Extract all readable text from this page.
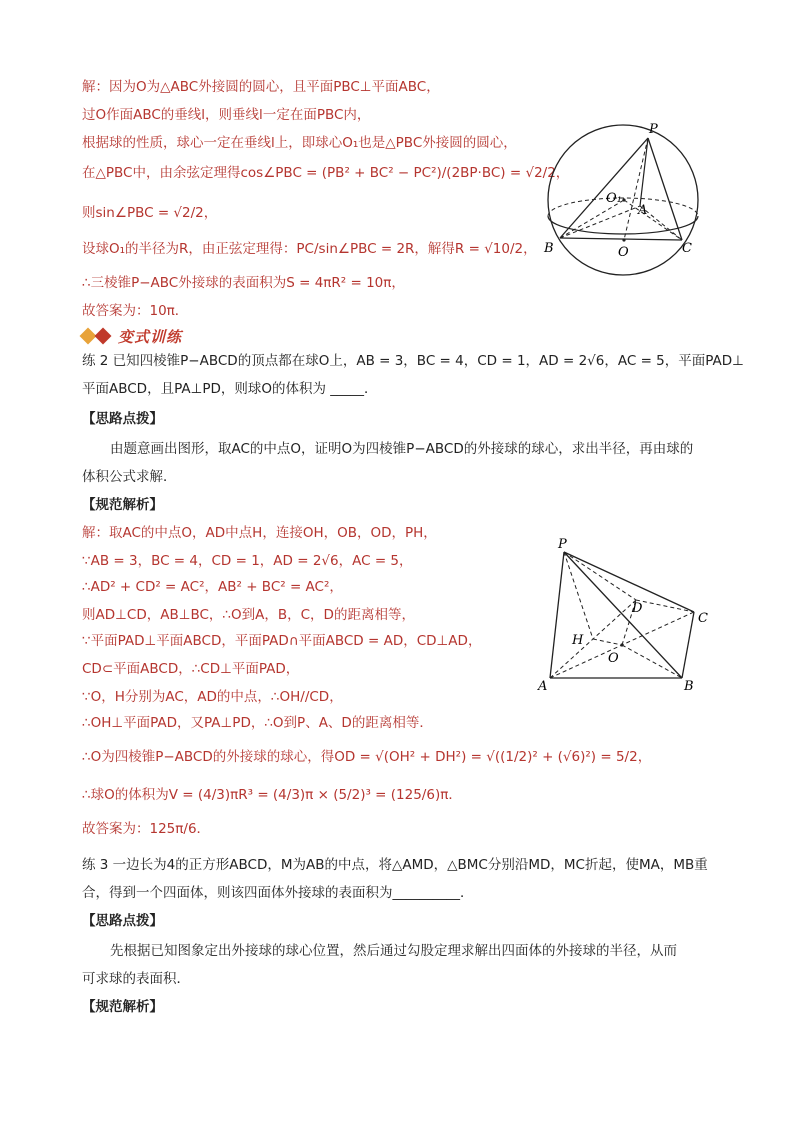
解：因为O为△ABC外接圆的圆心，且平面PBC⊥平面ABC，
过O作面ABC的垂线l，则垂线l一定在面PBC内，
根据球的性质，球心一定在垂线l上，即球心O₁也是△PBC外接圆的圆心，
在△PBC中，由余弦定理得cos∠PBC = (PB² + BC² − PC²)/(2BP·BC) = √2/2，
则sin∠PBC = √2/2，
设球O₁的半径为R，由正弦定理得：PC/sin∠PBC = 2R，解得R = √10/2，
∴三棱锥P−ABC外接球的表面积为S = 4πR² = 10π，
故答案为：10π．
P
O₁
A
B	O	C
变式训练
练 2 已知四棱锥P−ABCD的顶点都在球O上，AB = 3，BC = 4，CD = 1，AD = 2√6，AC = 5，平面PAD⊥
平面ABCD，且PA⊥PD，则球O的体积为 _____．
【思路点拨】
由题意画出图形，取AC的中点O，证明O为四棱锥P−ABCD的外接球的球心，求出半径，再由球的
体积公式求解．
【规范解析】
解：取AC的中点O，AD中点H，连接OH，OB，OD，PH，
∵AB = 3，BC = 4，CD = 1，AD = 2√6，AC = 5，
∴AD² + CD² = AC²，AB² + BC² = AC²，
则AD⊥CD，AB⊥BC，∴O到A，B，C，D的距离相等，
∵平面PAD⊥平面ABCD，平面PAD∩平面ABCD = AD，CD⊥AD，
CD⊂平面ABCD，∴CD⊥平面PAD，
∵O，H分别为AC，AD的中点，∴OH//CD，
∴OH⊥平面PAD，又PA⊥PD，∴O到P、A、D的距离相等．
∴O为四棱锥P−ABCD的外接球的球心，得OD = √(OH² + DH²) = √((1/2)² + (√6)²) = 5/2，
∴球O的体积为V = (4/3)πR³ = (4/3)π × (5/2)³ = (125/6)π．
故答案为：125π/6．
P
D
C
H
O
A	B
练 3 一边长为4的正方形ABCD，M为AB的中点，将△AMD，△BMC分别沿MD，MC折起，使MA，MB重
合，得到一个四面体，则该四面体外接球的表面积为__________．
【思路点拨】
先根据已知图象定出外接球的球心位置，然后通过勾股定理求解出四面体的外接球的半径，从而
可求球的表面积．
【规范解析】
